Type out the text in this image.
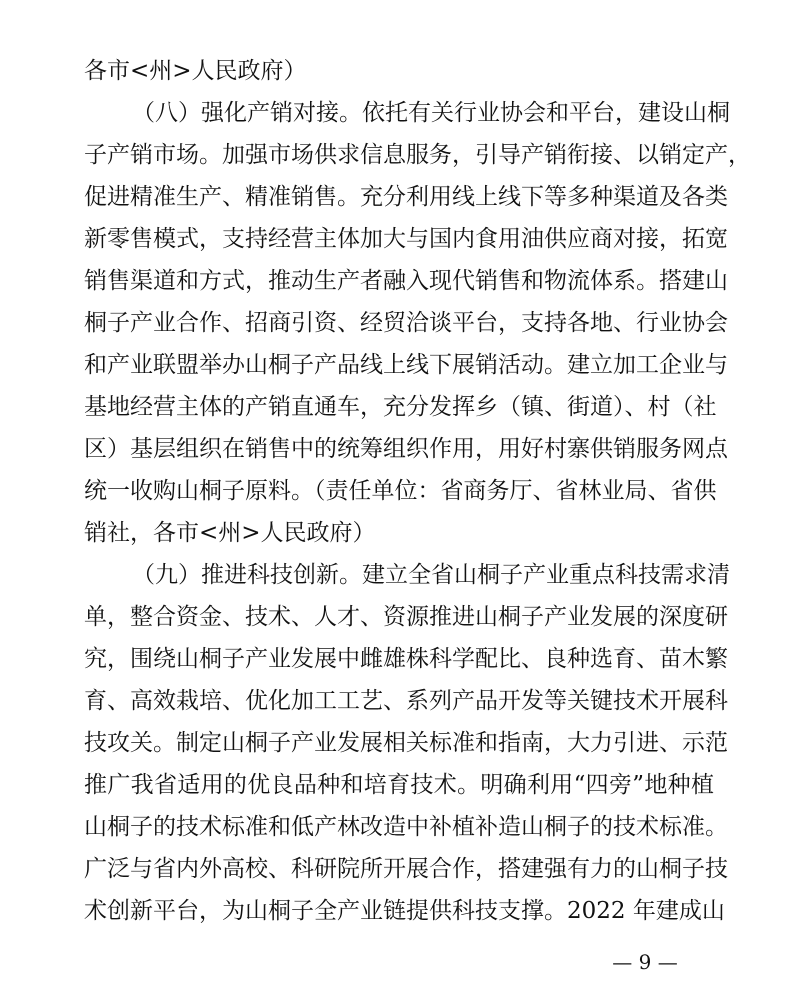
各市<州>人民政府）
（八）强化产销对接。依托有关行业协会和平台，建设山桐
子产销市场。加强市场供求信息服务，引导产销衔接、以销定产，
促进精准生产、精准销售。充分利用线上线下等多种渠道及各类
新零售模式，支持经营主体加大与国内食用油供应商对接，拓宽
销售渠道和方式，推动生产者融入现代销售和物流体系。搭建山
桐子产业合作、招商引资、经贸洽谈平台，支持各地、行业协会
和产业联盟举办山桐子产品线上线下展销活动。建立加工企业与
基地经营主体的产销直通车，充分发挥乡（镇、街道）、村（社
区）基层组织在销售中的统筹组织作用，用好村寨供销服务网点
统一收购山桐子原料。（责任单位：省商务厅、省林业局、省供
销社，各市<州>人民政府）
（九）推进科技创新。建立全省山桐子产业重点科技需求清
单，整合资金、技术、人才、资源推进山桐子产业发展的深度研
究，围绕山桐子产业发展中雌雄株科学配比、良种选育、苗木繁
育、高效栽培、优化加工工艺、系列产品开发等关键技术开展科
技攻关。制定山桐子产业发展相关标准和指南，大力引进、示范
推广我省适用的优良品种和培育技术。明确利用“四旁”地种植
山桐子的技术标准和低产林改造中补植补造山桐子的技术标准。
广泛与省内外高校、科研院所开展合作，搭建强有力的山桐子技
术创新平台，为山桐子全产业链提供科技支撑。2022 年建成山
— 9 —
